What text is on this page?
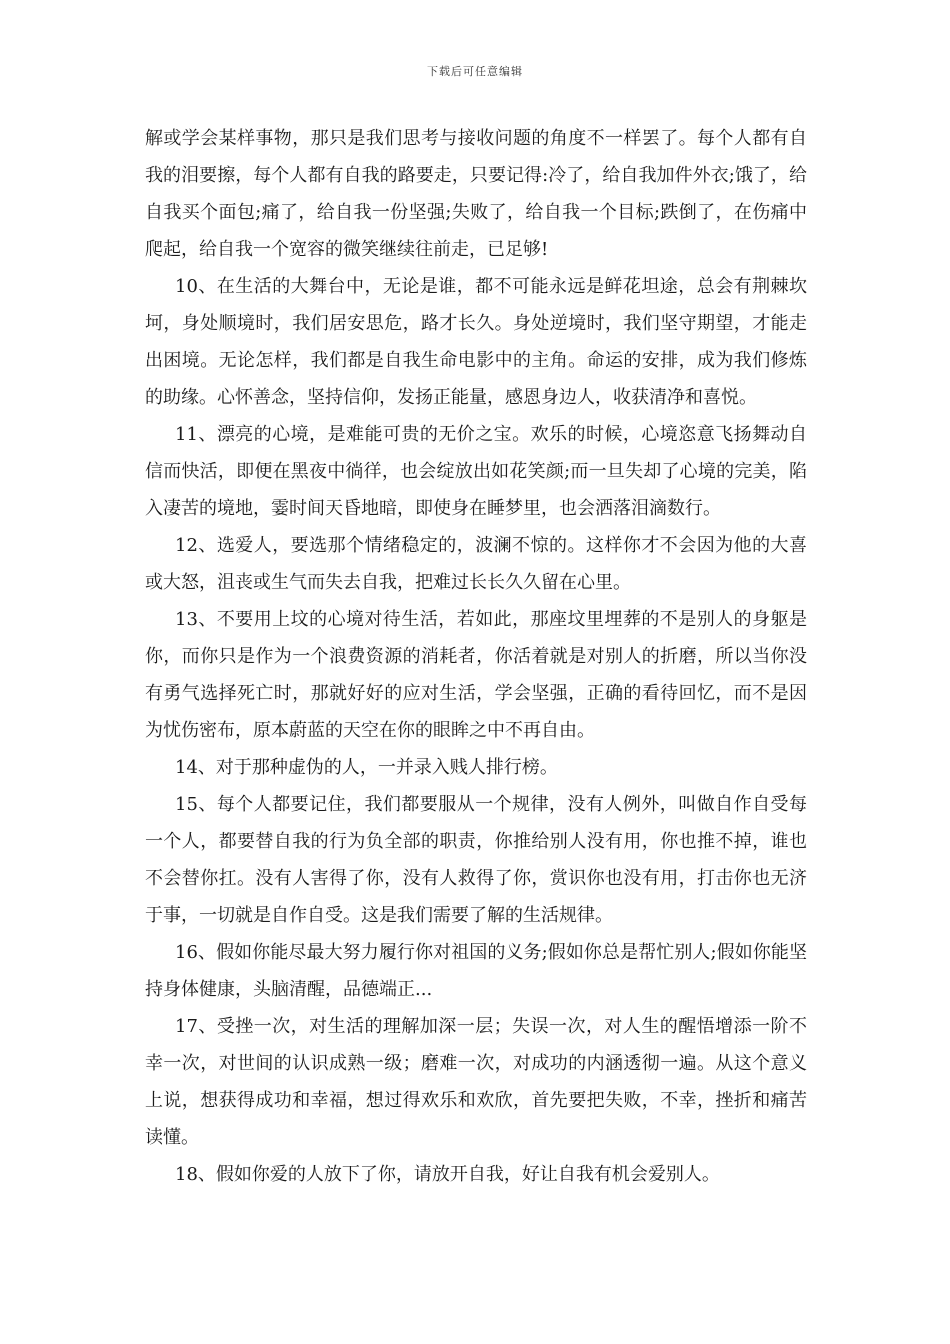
下载后可任意编辑

解或学会某样事物，那只是我们思考与接收问题的角度不一样罢了。每个人都有自我的泪要擦，每个人都有自我的路要走，只要记得:冷了，给自我加件外衣;饿了，给自我买个面包;痛了，给自我一份坚强;失败了，给自我一个目标;跌倒了，在伤痛中爬起，给自我一个宽容的微笑继续往前走，已足够!

10、在生活的大舞台中，无论是谁，都不可能永远是鲜花坦途，总会有荆棘坎坷，身处顺境时，我们居安思危，路才长久。身处逆境时，我们坚守期望，才能走出困境。无论怎样，我们都是自我生命电影中的主角。命运的安排，成为我们修炼的助缘。心怀善念，坚持信仰，发扬正能量，感恩身边人，收获清净和喜悦。

11、漂亮的心境，是难能可贵的无价之宝。欢乐的时候，心境恣意飞扬舞动自信而快活，即便在黑夜中徜徉，也会绽放出如花笑颜;而一旦失却了心境的完美，陷入凄苦的境地，霎时间天昏地暗，即使身在睡梦里，也会洒落泪滴数行。

12、选爱人，要选那个情绪稳定的，波澜不惊的。这样你才不会因为他的大喜或大怒，沮丧或生气而失去自我，把难过长长久久留在心里。

13、不要用上坟的心境对待生活，若如此，那座坟里埋葬的不是别人的身躯是你，而你只是作为一个浪费资源的消耗者，你活着就是对别人的折磨，所以当你没有勇气选择死亡时，那就好好的应对生活，学会坚强，正确的看待回忆，而不是因为忧伤密布，原本蔚蓝的天空在你的眼眸之中不再自由。

14、对于那种虚伪的人，一并录入贱人排行榜。

15、每个人都要记住，我们都要服从一个规律，没有人例外，叫做自作自受每一个人，都要替自我的行为负全部的职责，你推给别人没有用，你也推不掉，谁也不会替你扛。没有人害得了你，没有人救得了你，赏识你也没有用，打击你也无济于事，一切就是自作自受。这是我们需要了解的生活规律。

16、假如你能尽最大努力履行你对祖国的义务;假如你总是帮忙别人;假如你能坚持身体健康，头脑清醒，品德端正...

17、受挫一次，对生活的理解加深一层；失误一次，对人生的醒悟增添一阶不幸一次，对世间的认识成熟一级；磨难一次，对成功的内涵透彻一遍。从这个意义上说，想获得成功和幸福，想过得欢乐和欢欣，首先要把失败，不幸，挫折和痛苦读懂。

18、假如你爱的人放下了你，请放开自我，好让自我有机会爱别人。
